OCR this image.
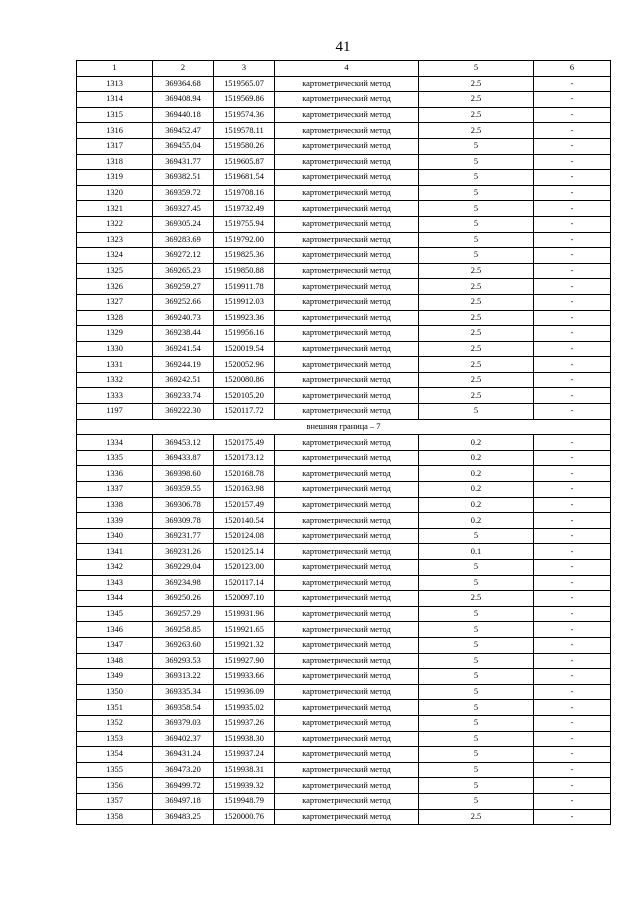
41
1	2	3	4	5	6
1313	369364.68	1519565.07	картометрический метод	2.5	-
1314	369408.94	1519569.86	картометрический метод	2.5	-
1315	369440.18	1519574.36	картометрический метод	2.5	-
1316	369452.47	1519578.11	картометрический метод	2.5	-
1317	369455.04	1519580.26	картометрический метод	5	-
1318	369431.77	1519605.87	картометрический метод	5	-
1319	369382.51	1519681.54	картометрический метод	5	-
1320	369359.72	1519708.16	картометрический метод	5	-
1321	369327.45	1519732.49	картометрический метод	5	-
1322	369305.24	1519755.94	картометрический метод	5	-
1323	369283.69	1519792.00	картометрический метод	5	-
1324	369272.12	1519825.36	картометрический метод	5	-
1325	369265.23	1519850.88	картометрический метод	2.5	-
1326	369259.27	1519911.78	картометрический метод	2.5	-
1327	369252.66	1519912.03	картометрический метод	2.5	-
1328	369240.73	1519923.36	картометрический метод	2.5	-
1329	369238.44	1519956.16	картометрический метод	2.5	-
1330	369241.54	1520019.54	картометрический метод	2.5	-
1331	369244.19	1520052.96	картометрический метод	2.5	-
1332	369242.51	1520080.86	картометрический метод	2.5	-
1333	369233.74	1520105.20	картометрический метод	2.5	-
1197	369222.30	1520117.72	картометрический метод	5	-
внешняя граница – 7					
1334	369453.12	1520175.49	картометрический метод	0.2	-
1335	369433.87	1520173.12	картометрический метод	0.2	-
1336	369398.60	1520168.78	картометрический метод	0.2	-
1337	369359.55	1520163.98	картометрический метод	0.2	-
1338	369306.78	1520157.49	картометрический метод	0.2	-
1339	369309.78	1520140.54	картометрический метод	0.2	-
1340	369231.77	1520124.08	картометрический метод	5	-
1341	369231.26	1520125.14	картометрический метод	0.1	-
1342	369229.04	1520123.00	картометрический метод	5	-
1343	369234.98	1520117.14	картометрический метод	5	-
1344	369250.26	1520097.10	картометрический метод	2.5	-
1345	369257.29	1519931.96	картометрический метод	5	-
1346	369258.85	1519921.65	картометрический метод	5	-
1347	369263.60	1519921.32	картометрический метод	5	-
1348	369293.53	1519927.90	картометрический метод	5	-
1349	369313.22	1519933.66	картометрический метод	5	-
1350	369335.34	1519936.09	картометрический метод	5	-
1351	369358.54	1519935.02	картометрический метод	5	-
1352	369379.03	1519937.26	картометрический метод	5	-
1353	369402.37	1519938.30	картометрический метод	5	-
1354	369431.24	1519937.24	картометрический метод	5	-
1355	369473.20	1519938.31	картометрический метод	5	-
1356	369499.72	1519939.32	картометрический метод	5	-
1357	369497.18	1519948.79	картометрический метод	5	-
1358	369483.25	1520000.76	картометрический метод	2.5	-
